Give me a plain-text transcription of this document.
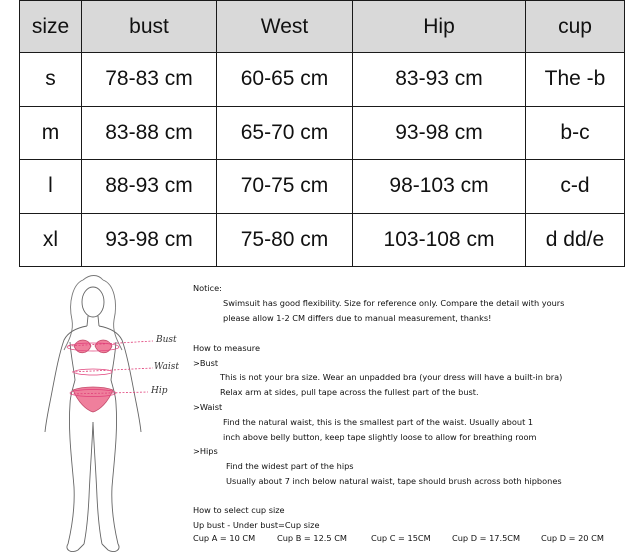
size	bust	West	Hip	cup
s	78-83 cm	60-65 cm	83-93 cm	The -b
m	83-88 cm	65-70 cm	93-98 cm	b-c
l	88-93 cm	70-75 cm	98-103 cm	c-d
xl	93-98 cm	75-80 cm	103-108 cm	d dd/e
Bust
Waist
Hip
Notice:
Swimsuit has good flexibility. Size for reference only. Compare the detail with yours
please allow 1-2 CM differs due to manual measurement, thanks!
How to measure
>Bust
This is not your bra size. Wear an unpadded bra (your dress will have a built-in bra)
Relax arm at sides, pull tape across the fullest part of the bust.
>Waist
Find the natural waist, this is the smallest part of the waist. Usually about 1
inch above belly button, keep tape slightly loose to allow for breathing room
>Hips
Find the widest part of the hips
Usually about 7 inch below natural waist, tape should brush across both hipbones
How to select cup size
Up bust - Under bust=Cup size
Cup A = 10 CM	Cup B = 12.5 CM	Cup C = 15CM	Cup D = 17.5CM	Cup D = 20 CM
